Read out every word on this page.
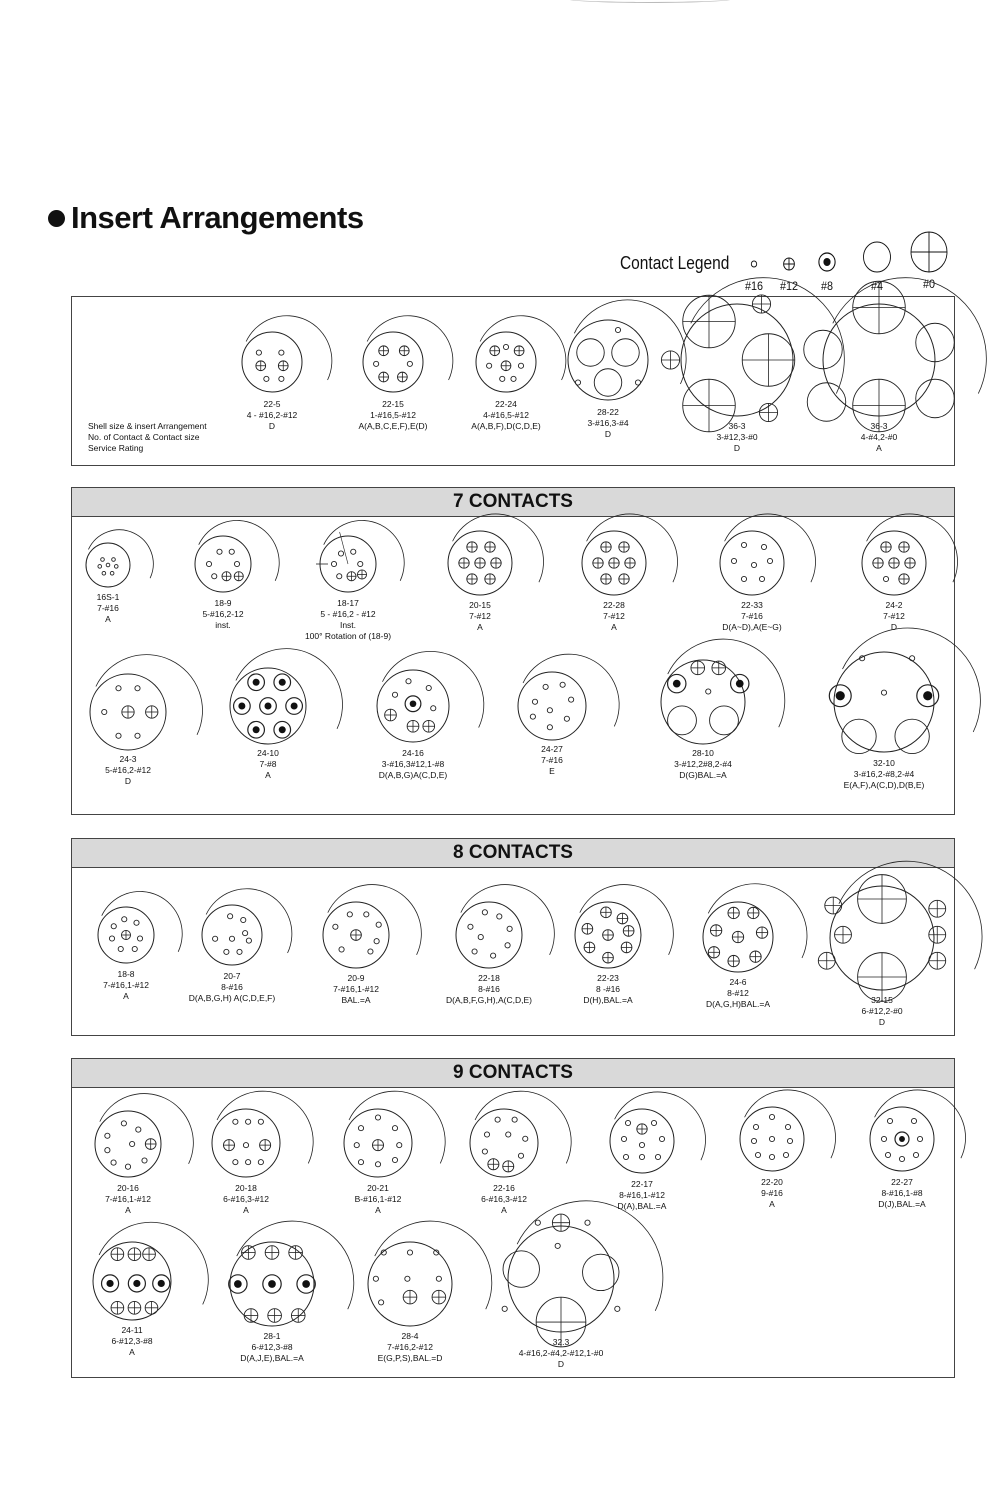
Insert Arrangements
Contact Legend
#16 #12	#8	#4	#0
Shell size & insert Arrangement
No. of Contact & Contact size
Service Rating
22-5
4 - #16,2-#12
D
22-15
1-#16,5-#12
A(A,B,C,E,F),E(D)
22-24
4-#16,5-#12
A(A,B,F),D(C,D,E)
28-22
3-#16,3-#4
D
36-3
3-#12,3-#0
D
36-3
4-#4,2-#0
A
7 CONTACTS
16S-1
7-#16
A
18-9
5-#16,2-12
inst.
18-17
5 - #16,2 - #12
Inst.
100° Rotation of (18-9)
20-15
7-#12
A
22-28
7-#12
A
22-33
7-#16
D(A~D),A(E~G)
24-2
7-#12
D
24-3
5-#16,2-#12
D
24-10
7-#8
A
24-16
3-#16,3#12,1-#8
D(A,B,G)A(C,D,E)
24-27
7-#16
E
28-10
3-#12,2#8,2-#4
D(G)BAL.=A
32-10
3-#16,2-#8,2-#4
E(A,F),A(C,D),D(B,E)
8 CONTACTS
18-8
7-#16,1-#12
A
20-7
8-#16
D(A,B,G,H) A(C,D,E,F)
20-9
7-#16,1-#12
BAL.=A
22-18
8-#16
D(A,B,F,G,H),A(C,D,E)
22-23
8 -#16
D(H),BAL.=A
24-6
8-#12
D(A,G,H)BAL.=A	32-15
6-#12,2-#0
D
9 CONTACTS
20-16
7-#16,1-#12
A
20-18
6-#16,3-#12
A
20-21
B-#16,1-#12
A
22-16
6-#16,3-#12
A
22-17
8-#16,1-#12
D(A),BAL.=A
22-20
9-#16
A
22-27
8-#16,1-#8
D(J),BAL.=A
24-11
6-#12,3-#8
A
28-1
6-#12,3-#8
D(A,J,E),BAL.=A
28-4
7-#16,2-#12
E(G,P,S),BAL.=D
32.3
4-#16,2-#4,2-#12,1-#0
D
